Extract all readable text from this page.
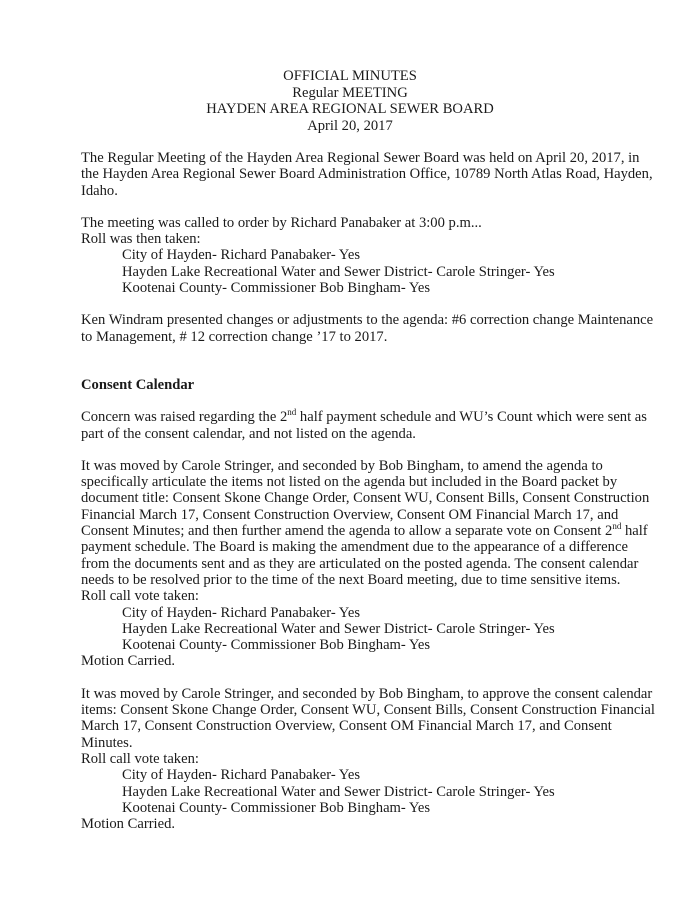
OFFICIAL MINUTES
Regular MEETING
HAYDEN AREA REGIONAL SEWER BOARD
April 20, 2017

The Regular Meeting of the Hayden Area Regional Sewer Board was held on April 20, 2017, in

the Hayden Area Regional Sewer Board Administration Office, 10789 North Atlas Road, Hayden,

Idaho.

The meeting was called to order by Richard Panabaker at 3:00 p.m...

Roll was then taken:

City of Hayden- Richard Panabaker- Yes

Hayden Lake Recreational Water and Sewer District- Carole Stringer- Yes

Kootenai County- Commissioner Bob Bingham- Yes

Ken Windram presented changes or adjustments to the agenda: #6 correction change Maintenance

to Management, # 12 correction change ’17 to 2017.

Consent Calendar

Concern was raised regarding the 2nd half payment schedule and WU’s Count which were sent as

part of the consent calendar, and not listed on the agenda.

It was moved by Carole Stringer, and seconded by Bob Bingham, to amend the agenda to

specifically articulate the items not listed on the agenda but included in the Board packet by

document title: Consent Skone Change Order, Consent WU, Consent Bills, Consent Construction

Financial March 17, Consent Construction Overview, Consent OM Financial March 17, and

Consent Minutes; and then further amend the agenda to allow a separate vote on Consent 2nd half

payment schedule. The Board is making the amendment due to the appearance of a difference

from the documents sent and as they are articulated on the posted agenda. The consent calendar

needs to be resolved prior to the time of the next Board meeting, due to time sensitive items.

Roll call vote taken:

City of Hayden- Richard Panabaker- Yes

Hayden Lake Recreational Water and Sewer District- Carole Stringer- Yes

Kootenai County- Commissioner Bob Bingham- Yes

Motion Carried.

It was moved by Carole Stringer, and seconded by Bob Bingham, to approve the consent calendar

items: Consent Skone Change Order, Consent WU, Consent Bills, Consent Construction Financial

March 17, Consent Construction Overview, Consent OM Financial March 17, and Consent

Minutes.

Roll call vote taken:

City of Hayden- Richard Panabaker- Yes

Hayden Lake Recreational Water and Sewer District- Carole Stringer- Yes

Kootenai County- Commissioner Bob Bingham- Yes

Motion Carried.
